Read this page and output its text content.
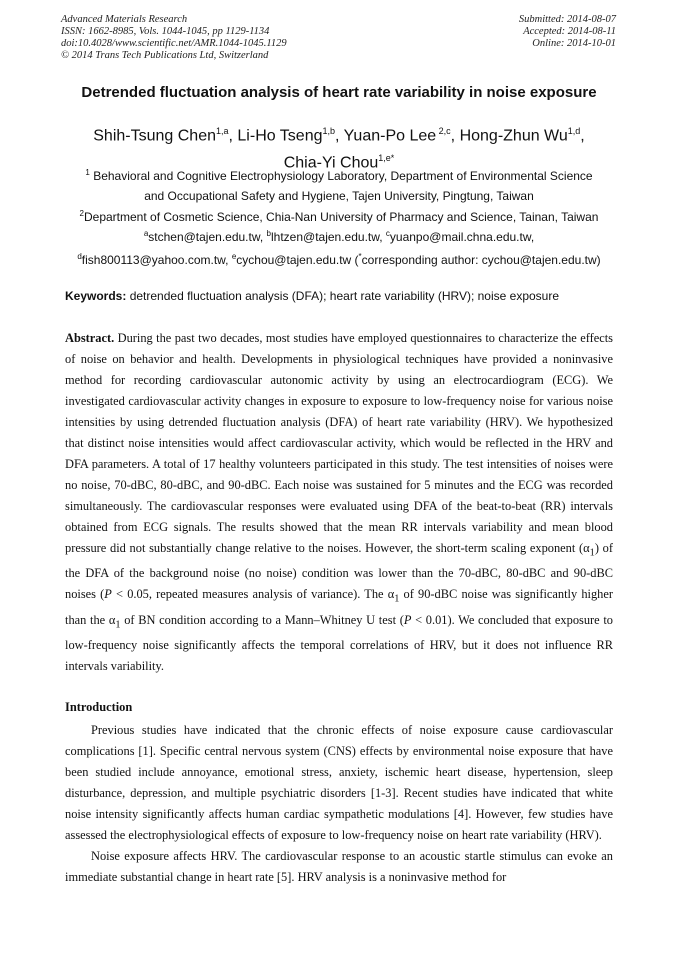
Advanced Materials Research
ISSN: 1662-8985, Vols. 1044-1045, pp 1129-1134
doi:10.4028/www.scientific.net/AMR.1044-1045.1129
© 2014 Trans Tech Publications Ltd, Switzerland
Submitted: 2014-08-07
Accepted: 2014-08-11
Online: 2014-10-01
Detrended fluctuation analysis of heart rate variability in noise exposure
Shih-Tsung Chen$^{1,a}$, Li-Ho Tseng$^{1,b}$, Yuan-Po Lee $^{2,c}$, Hong-Zhun Wu$^{1,d}$,
Chia-Yi Chou$^{1,e*}$
$^1$ Behavioral and Cognitive Electrophysiology Laboratory, Department of Environmental Science
and Occupational Safety and Hygiene, Tajen University, Pingtung, Taiwan
$^2$Department of Cosmetic Science, Chia-Nan University of Pharmacy and Science, Tainan, Taiwan
$^a$stchen@tajen.edu.tw, $^b$lhtzen@tajen.edu.tw, $^c$yuanpo@mail.chna.edu.tw,
$^d$fish800113@yahoo.com.tw, $^e$cychou@tajen.edu.tw (*corresponding author: cychou@tajen.edu.tw)
Keywords: detrended fluctuation analysis (DFA); heart rate variability (HRV); noise exposure
Abstract. During the past two decades, most studies have employed questionnaires to characterize the effects of noise on behavior and health. Developments in physiological techniques have provided a noninvasive method for recording cardiovascular autonomic activity by using an electrocardiogram (ECG). We investigated cardiovascular activity changes in exposure to exposure to low-frequency noise for various noise intensities by using detrended fluctuation analysis (DFA) of heart rate variability (HRV). We hypothesized that distinct noise intensities would affect cardiovascular activity, which would be reflected in the HRV and DFA parameters. A total of 17 healthy volunteers participated in this study. The test intensities of noises were no noise, 70-dBC, 80-dBC, and 90-dBC. Each noise was sustained for 5 minutes and the ECG was recorded simultaneously. The cardiovascular responses were evaluated using DFA of the beat-to-beat (RR) intervals obtained from ECG signals. The results showed that the mean RR intervals variability and mean blood pressure did not substantially change relative to the noises. However, the short-term scaling exponent $(\alpha_1)$ of the DFA of the background noise (no noise) condition was lower than the 70-dBC, 80-dBC and 90-dBC noises (P < 0.05, repeated measures analysis of variance). The $\alpha_1$ of 90-dBC noise was significantly higher than the $\alpha_1$ of BN condition according to a Mann–Whitney U test (P < 0.01). We concluded that exposure to low-frequency noise significantly affects the temporal correlations of HRV, but it does not influence RR intervals variability.
Introduction

Previous studies have indicated that the chronic effects of noise exposure cause cardiovascular complications [1]. Specific central nervous system (CNS) effects by environmental noise exposure that have been studied include annoyance, emotional stress, anxiety, ischemic heart disease, hypertension, sleep disturbance, depression, and multiple psychiatric disorders [1-3]. Recent studies have indicated that white noise intensity significantly affects human cardiac sympathetic modulations [4]. However, few studies have assessed the electrophysiological effects of exposure to low-frequency noise on heart rate variability (HRV).

Noise exposure affects HRV. The cardiovascular response to an acoustic startle stimulus can evoke an immediate substantial change in heart rate [5]. HRV analysis is a noninvasive method for
